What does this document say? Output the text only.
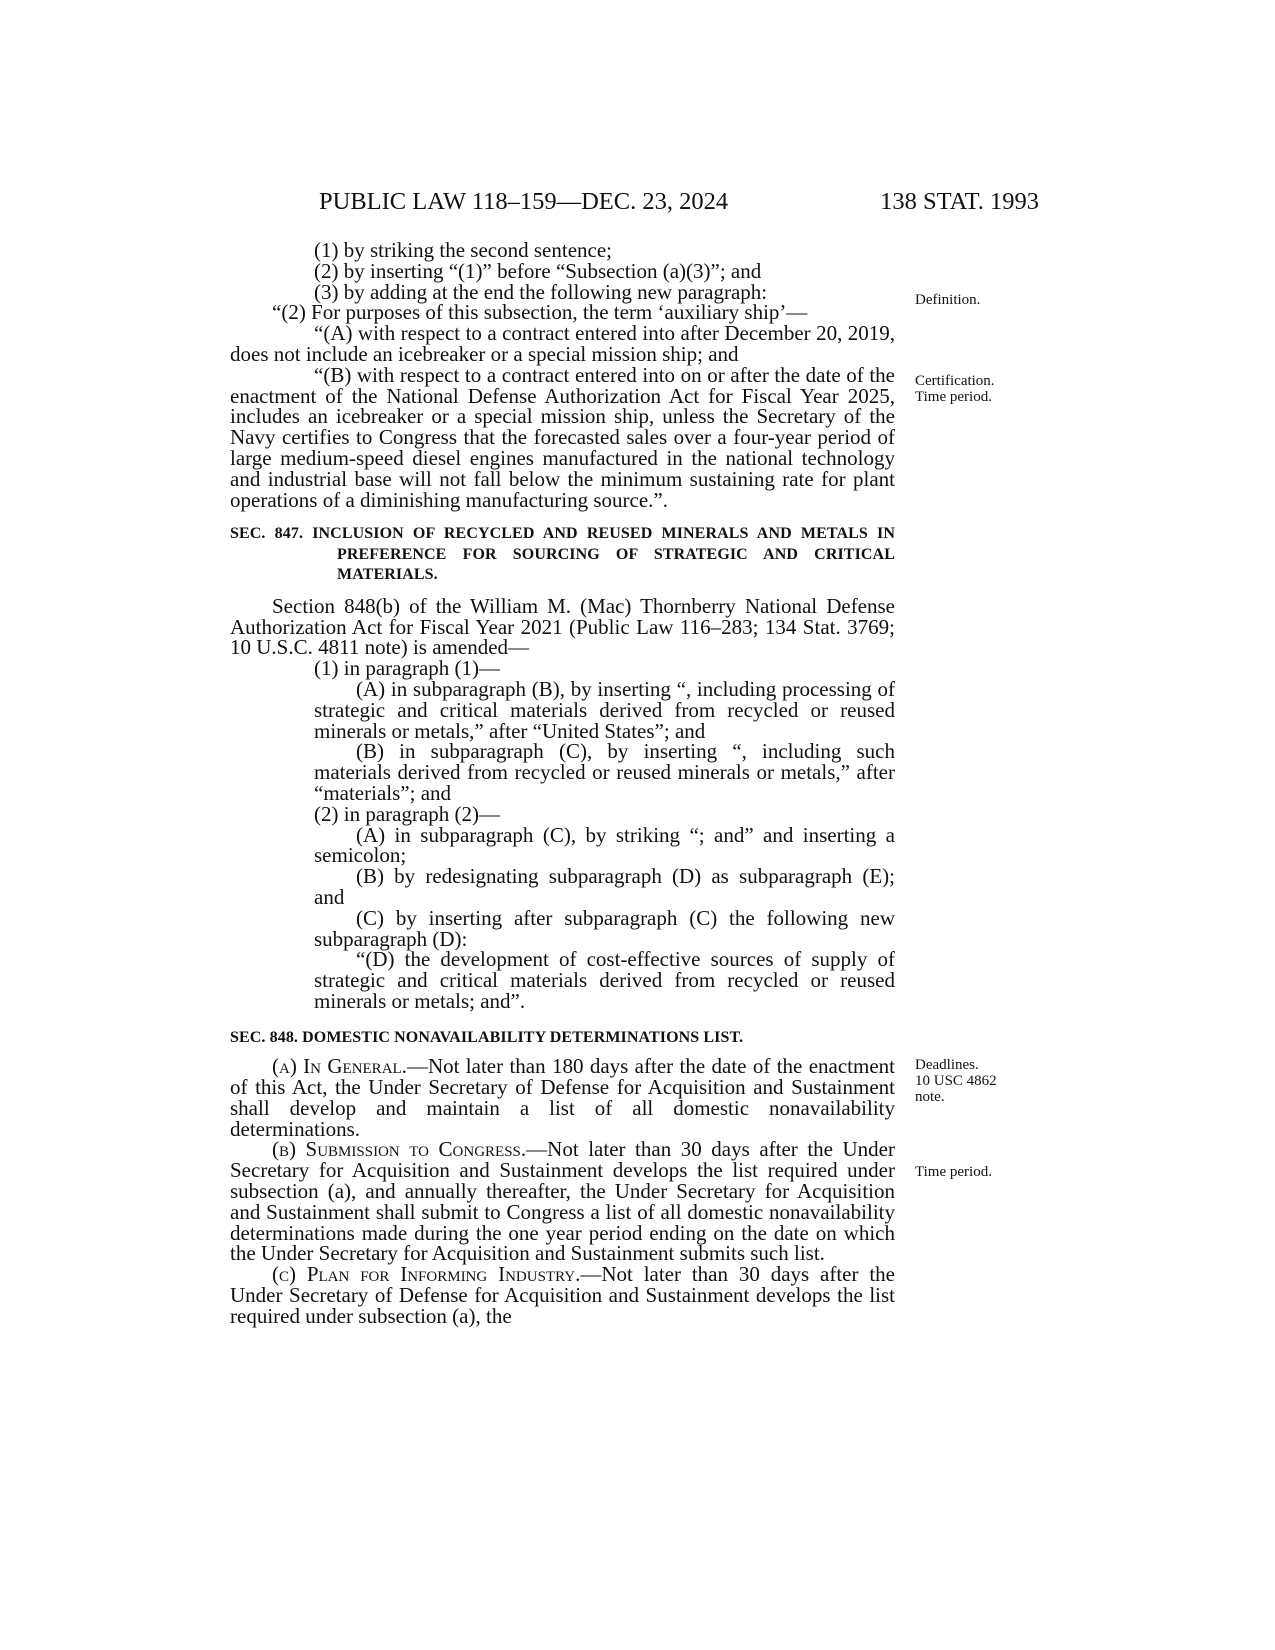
PUBLIC LAW 118–159—DEC. 23, 2024	138 STAT. 1993
Definition.
Certification.
Time period.
Deadlines.
10 USC 4862
note.
Time period.

(1) by striking the second sentence;

(2) by inserting “(1)” before “Subsection (a)(3)”; and

(3) by adding at the end the following new paragraph:

“(2) For purposes of this subsection, the term ‘auxiliary ship’—

“(A) with respect to a contract entered into after December 20, 2019, does not include an icebreaker or a special mission ship; and

“(B) with respect to a contract entered into on or after the date of the enactment of the National Defense Authorization Act for Fiscal Year 2025, includes an icebreaker or a special mission ship, unless the Secretary of the Navy certifies to Congress that the forecasted sales over a four-year period of large medium-speed diesel engines manufactured in the national technology and industrial base will not fall below the minimum sustaining rate for plant operations of a diminishing manufacturing source.”.

SEC. 847. INCLUSION OF RECYCLED AND REUSED MINERALS AND METALS IN PREFERENCE FOR SOURCING OF STRATEGIC AND CRITICAL MATERIALS.

Section 848(b) of the William M. (Mac) Thornberry National Defense Authorization Act for Fiscal Year 2021 (Public Law 116–283; 134 Stat. 3769; 10 U.S.C. 4811 note) is amended—

(1) in paragraph (1)—

(A) in subparagraph (B), by inserting “, including processing of strategic and critical materials derived from recycled or reused minerals or metals,” after “United States”; and

(B) in subparagraph (C), by inserting “, including such materials derived from recycled or reused minerals or metals,” after “materials”; and

(2) in paragraph (2)—

(A) in subparagraph (C), by striking “; and” and inserting a semicolon;

(B) by redesignating subparagraph (D) as subparagraph (E); and

(C) by inserting after subparagraph (C) the following new subparagraph (D):

“(D) the development of cost-effective sources of supply of strategic and critical materials derived from recycled or reused minerals or metals; and”.

SEC. 848. DOMESTIC NONAVAILABILITY DETERMINATIONS LIST.

(a) In General.—Not later than 180 days after the date of the enactment of this Act, the Under Secretary of Defense for Acquisition and Sustainment shall develop and maintain a list of all domestic nonavailability determinations.

(b) Submission to Congress.—Not later than 30 days after the Under Secretary for Acquisition and Sustainment develops the list required under subsection (a), and annually thereafter, the Under Secretary for Acquisition and Sustainment shall submit to Congress a list of all domestic nonavailability determinations made during the one year period ending on the date on which the Under Secretary for Acquisition and Sustainment submits such list.

(c) Plan for Informing Industry.—Not later than 30 days after the Under Secretary of Defense for Acquisition and Sustainment develops the list required under subsection (a), the
